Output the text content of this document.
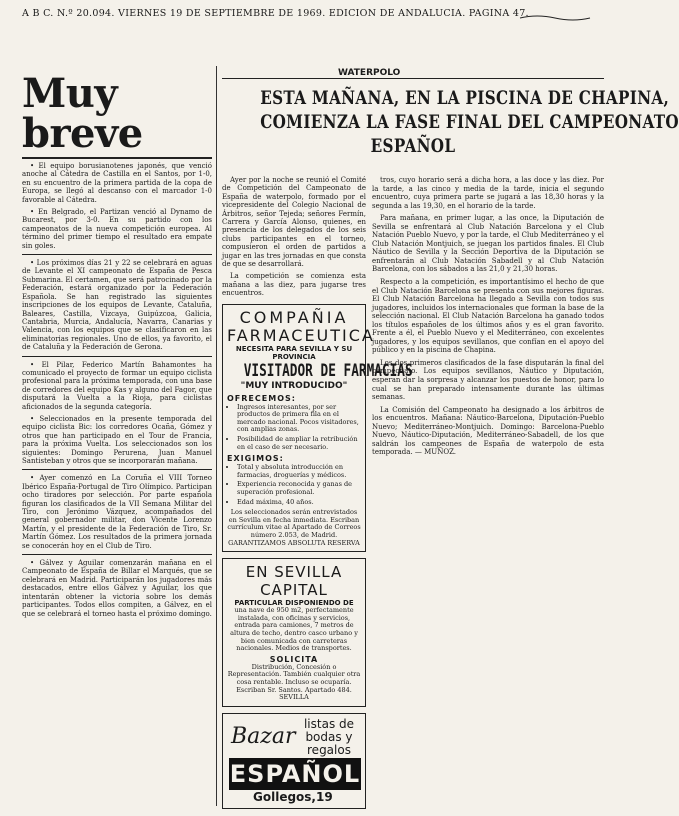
A B C. N.º 20.094. VIERNES 19 DE SEPTIEMBRE DE 1969. EDICION DE ANDALUCIA. PAGINA 47.
Muy breve

• El equipo borusianotenes japonés, que venció anoche al Cátedra de Castilla en el Santos, por 1-0, en su encuentro de la primera partida de la copa de Europa, se llegó al descanso con el marcador 1-0 favorable al Cátedra.

• En Belgrado, el Partizan venció al Dynamo de Bucarest, por 3-0. En su partido con los campeonatos de la nueva competición europea. Al término del primer tiempo el resultado era empate sin goles.

• Los próximos días 21 y 22 se celebrará en aguas de Levante el XI campeonato de España de Pesca Submarina. El certamen, que será patrocinado por la Federación, estará organizado por la Federación Española. Se han registrado las siguientes inscripciones de los equipos de Levante, Cataluña, Baleares, Castilla, Vizcaya, Guipúzcoa, Galicia, Cantabria, Murcia, Andalucía, Navarra, Canarias y Valencia, con los equipos que se clasificaron en las eliminatorias regionales. Uno de ellos, ya favorito, el de Cataluña y la Federación de Gerona.

• El Pilar, Federico Martín Bahamontes ha comunicado el proyecto de formar un equipo ciclista profesional para la próxima temporada, con una base de corredores del equipo Kas y alguno del Fagor, que disputará la Vuelta a la Rioja, para ciclistas aficionados de la segunda categoría.

• Seleccionados en la presente temporada del equipo ciclista Bic: los corredores Ocaña, Gómez y otros que han participado en el Tour de Francia, para la próxima Vuelta. Los seleccionados son los siguientes: Domingo Perurena, Juan Manuel Santisteban y otros que se incorporarán mañana.

• Ayer comenzó en La Coruña el VIII Torneo Ibérico España-Portugal de Tiro Olímpico. Participan ocho tiradores por selección. Por parte española figuran los clasificados de la VII Semana Militar del Tiro, con Jerónimo Vázquez, acompañados del general gobernador militar, don Vicente Lorenzo Martín, y el presidente de la Federación de Tiro, Sr. Martín Gómez. Los resultados de la primera jornada se conocerán hoy en el Club de Tiro.

• Gálvez y Aguilar comenzarán mañana en el Campeonato de España de Billar el Marqués, que se celebrará en Madrid. Participarán los jugadores más destacados, entre ellos Gálvez y Aguilar, los que intentarán obtener la victoria sobre los demás participantes. Todos ellos compiten, a Gálvez, en el que se celebrará el torneo hasta el próximo domingo.

WATERPOLO
ESTA MAÑANA, EN LA PISCINA DE CHAPINA,
COMIENZA LA FASE FINAL DEL CAMPEONATO
ESPAÑOL

Ayer por la noche se reunió el Comité de Competición del Campeonato de España de waterpolo, formado por el vicepresidente del Colegio Nacional de Árbitros, señor Tejeda; señores Fermín, Carrera y García Alonso, quienes, en presencia de los delegados de los seis clubs participantes en el torneo, compusieron el orden de partidos a jugar en las tres jornadas en que consta de que se desarrollará.

La competición se comienza esta mañana a las diez, para jugarse tres encuentros.

COMPAÑIA
FARMACEUTICA
NECESITA PARA SEVILLA Y SU PROVINCIA
VISITADOR DE FARMACIAS
"MUY INTRODUCIDO"
OFRECEMOS:
• Ingresos interesantes, por ser productos de primera fila en el mercado nacional. Pocos visitadores, con amplias zonas.
• Posibilidad de ampliar la retribución en el caso de ser necesario.
EXIGIMOS:
• Total y absoluta introducción en farmacias, droguerías y médicos.
• Experiencia reconocida y ganas de superación profesional.
• Edad máxima, 40 años.
Los seleccionados serán entrevistados en Sevilla en fecha inmediata. Escriban currículum vitae al Apartado de Correos número 2.053, de Madrid. GARANTIZAMOS ABSOLUTA RESERVA
EN SEVILLA CAPITAL
PARTICULAR DISPONIENDO DE
una nave de 950 m2, perfectamente instalada, con oficinas y servicios, entrada para camiones, 7 metros de altura de techo, dentro casco urbano y bien comunicada con carreteras nacionales. Medios de transportes.
SOLICITA
Distribución, Concesión o Representación. También cualquier otra cosa rentable. Incluso se ocuparía. Escriban Sr. Santos. Apartado 484. SEVILLA
Bazar listas de bodas y regalos
ESPAÑOL
Gollegos,19

tros, cuyo horario será a dicha hora, a las doce y las diez. Por la tarde, a las cinco y media de la tarde, inicia el segundo encuentro, cuya primera parte se jugará a las 18,30 horas y la segunda a las 19,30, en el horario de la tarde.

Para mañana, en primer lugar, a las once, la Diputación de Sevilla se enfrentará al Club Natación Barcelona y el Club Natación Pueblo Nuevo, y por la tarde, el Club Mediterráneo y el Club Natación Montjuich, se juegan los partidos finales. El Club Náutico de Sevilla y la Sección Deportiva de la Diputación se enfrentarán al Club Natación Sabadell y al Club Natación Barcelona, con los sábados a las 21,0 y 21,30 horas.

Respecto a la competición, es importantísimo el hecho de que el Club Natación Barcelona se presenta con sus mejores figuras. El Club Natación Barcelona ha llegado a Sevilla con todos sus jugadores, incluidos los internacionales que forman la base de la selección nacional. El Club Natación Barcelona ha ganado todos los títulos españoles de los últimos años y es el gran favorito. Frente a él, el Pueblo Nuevo y el Mediterráneo, con excelentes jugadores, y los equipos sevillanos, que confían en el apoyo del público y en la piscina de Chapina.

Los dos primeros clasificados de la fase disputarán la final del campeonato. Los equipos sevillanos, Náutico y Diputación, esperan dar la sorpresa y alcanzar los puestos de honor, para lo cual se han preparado intensamente durante las últimas semanas.

La Comisión del Campeonato ha designado a los árbitros de los encuentros. Mañana: Náutico-Barcelona, Diputación-Pueblo Nuevo; Mediterráneo-Montjuich. Domingo: Barcelona-Pueblo Nuevo, Náutico-Diputación, Mediterráneo-Sabadell, de los que saldrán los campeones de España de waterpolo de esta temporada. — MUÑOZ.
